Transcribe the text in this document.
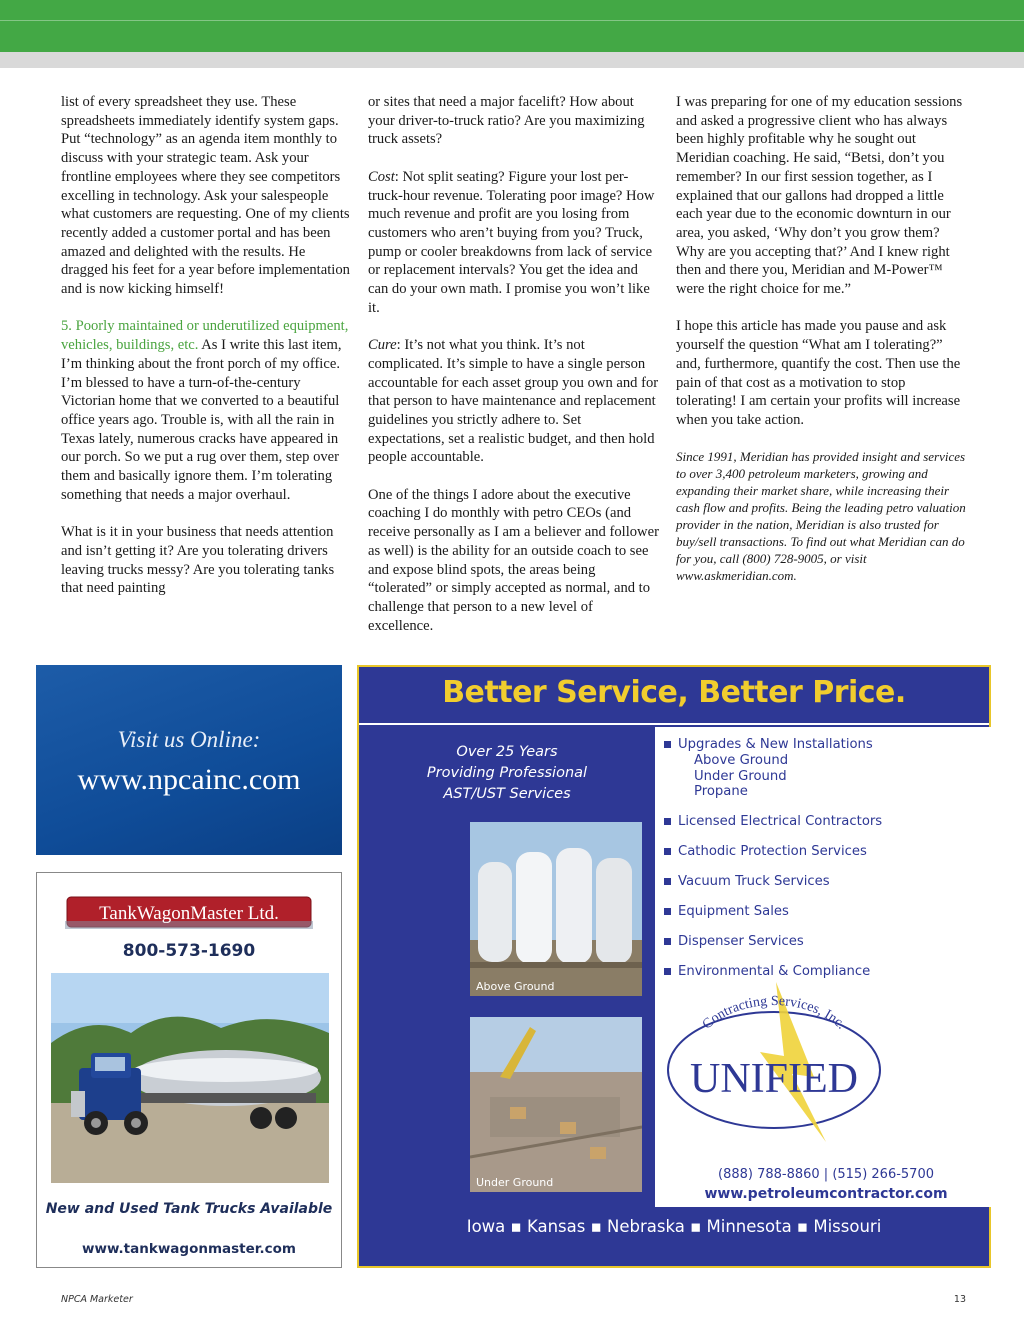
list of every spreadsheet they use. These spreadsheets immediately identify system gaps. Put “technology” as an agenda item monthly to discuss with your strategic team. Ask your frontline employees where they see competitors excelling in technology. Ask your salespeople what customers are requesting. One of my clients recently added a customer portal and has been amazed and delighted with the results. He dragged his feet for a year before implementation and is now kicking himself!

5. Poorly maintained or underutilized equipment, vehicles, buildings, etc. As I write this last item, I’m thinking about the front porch of my office. I’m blessed to have a turn-of-the-century Victorian home that we converted to a beautiful office years ago. Trouble is, with all the rain in Texas lately, numerous cracks have appeared in our porch. So we put a rug over them, step over them and basically ignore them. I’m tolerating something that needs a major overhaul.

What is it in your business that needs attention and isn’t getting it? Are you tolerating drivers leaving trucks messy? Are you tolerating tanks that need painting

or sites that need a major facelift? How about your driver-to-truck ratio? Are you maximizing truck assets?

Cost: Not split seating? Figure your lost per-truck-hour revenue. Tolerating poor image? How much revenue and profit are you losing from customers who aren’t buying from you? Truck, pump or cooler breakdowns from lack of service or replacement intervals? You get the idea and can do your own math. I promise you won’t like it.

Cure: It’s not what you think. It’s not complicated. It’s simple to have a single person accountable for each asset group you own and for that person to have maintenance and replacement guidelines you strictly adhere to. Set expectations, set a realistic budget, and then hold people accountable.

One of the things I adore about the executive coaching I do monthly with petro CEOs (and receive personally as I am a believer and follower as well) is the ability for an outside coach to see and expose blind spots, the areas being “tolerated” or simply accepted as normal, and to challenge that person to a new level of excellence.

I was preparing for one of my education sessions and asked a progressive client who has always been highly profitable why he sought out Meridian coaching. He said, “Betsi, don’t you remember? In our first session together, as I explained that our gallons had dropped a little each year due to the economic downturn in our area, you asked, ‘Why don’t you grow them? Why are you accepting that?’ And I knew right then and there you, Meridian and M-Power™ were the right choice for me.”

I hope this article has made you pause and ask yourself the question “What am I tolerating?” and, furthermore, quantify the cost. Then use the pain of that cost as a motivation to stop tolerating! I am certain your profits will increase when you take action.

Since 1991, Meridian has provided insight and services to over 3,400 petroleum marketers, growing and expanding their market share, while increasing their cash flow and profits. Being the leading petro valuation provider in the nation, Meridian is also trusted for buy/sell transactions. To find out what Meridian can do for you, call (800) 728-9005, or visit www.askmeridian.com.

Visit us Online:
www.npcainc.com
TankWagonMaster Ltd.
800-573-1690
New and Used Tank Trucks Available
www.tankwagonmaster.com
Better Service, Better Price.
Over 25 Years
Providing Professional
AST/UST Services
Above Ground
Under Ground
Upgrades & New Installations
Above Ground
Under Ground
Propane
Licensed Electrical Contractors
Cathodic Protection Services
Vacuum Truck Services
Equipment Sales
Dispenser Services
Environmental & Compliance
Contracting Services, Inc.
UNIFIED
(888) 788-8860 | (515) 266-5700
www.petroleumcontractor.com
Iowa ▪ Kansas ▪ Nebraska ▪ Minnesota ▪ Missouri
NPCA Marketer	13
